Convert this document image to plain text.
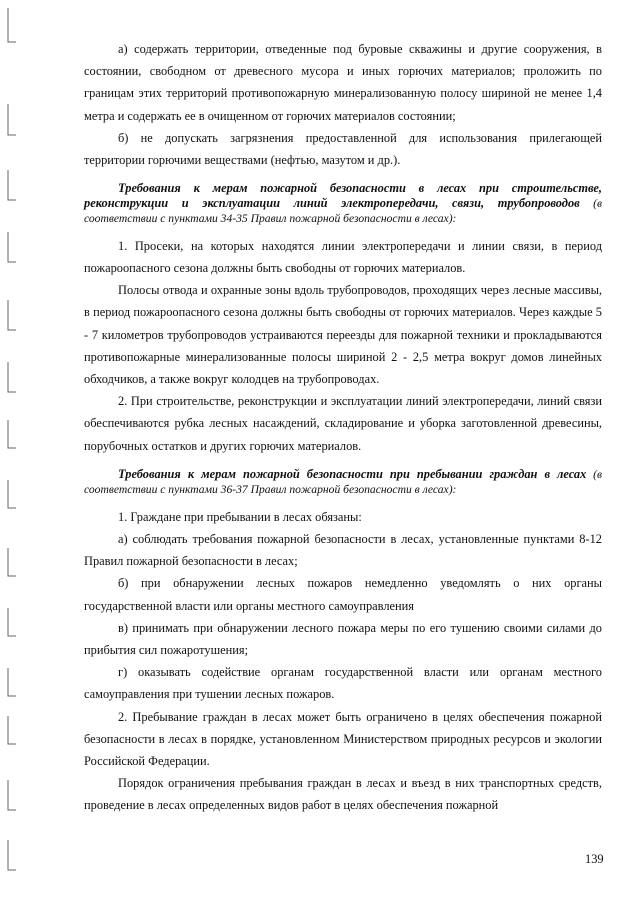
а) содержать территории, отведенные под буровые скважины и другие сооружения, в состоянии, свободном от древесного мусора и иных горючих материалов; проложить по границам этих территорий противопожарную минерализованную полосу шириной не менее 1,4 метра и содержать ее в очищенном от горючих материалов состоянии;

б) не допускать загрязнения предоставленной для использования прилегающей территории горючими веществами (нефтью, мазутом и др.).

Требования к мерам пожарной безопасности в лесах при строительстве, реконструкции и эксплуатации линий электропередачи, связи, трубопроводов (в соответствии с пунктами 34-35 Правил пожарной безопасности в лесах):

1. Просеки, на которых находятся линии электропередачи и линии связи, в период пожароопасного сезона должны быть свободны от горючих материалов.

Полосы отвода и охранные зоны вдоль трубопроводов, проходящих через лесные массивы, в период пожароопасного сезона должны быть свободны от горючих материалов. Через каждые 5 - 7 километров трубопроводов устраиваются переезды для пожарной техники и прокладываются противопожарные минерализованные полосы шириной 2 - 2,5 метра вокруг домов линейных обходчиков, а также вокруг колодцев на трубопроводах.

2. При строительстве, реконструкции и эксплуатации линий электропередачи, линий связи обеспечиваются рубка лесных насаждений, складирование и уборка заготовленной древесины, порубочных остатков и других горючих материалов.

Требования к мерам пожарной безопасности при пребывании граждан в лесах (в соответствии с пунктами 36-37 Правил пожарной безопасности в лесах):

1. Граждане при пребывании в лесах обязаны:

а) соблюдать требования пожарной безопасности в лесах, установленные пунктами 8-12 Правил пожарной безопасности в лесах;

б) при обнаружении лесных пожаров немедленно уведомлять о них органы государственной власти или органы местного самоуправления

в) принимать при обнаружении лесного пожара меры по его тушению своими силами до прибытия сил пожаротушения;

г) оказывать содействие органам государственной власти или органам местного самоуправления при тушении лесных пожаров.

2. Пребывание граждан в лесах может быть ограничено в целях обеспечения пожарной безопасности в лесах в порядке, установленном Министерством природных ресурсов и экологии Российской Федерации.

Порядок ограничения пребывания граждан в лесах и въезд в них транспортных средств, проведение в лесах определенных видов работ в целях обеспечения пожарной

139
